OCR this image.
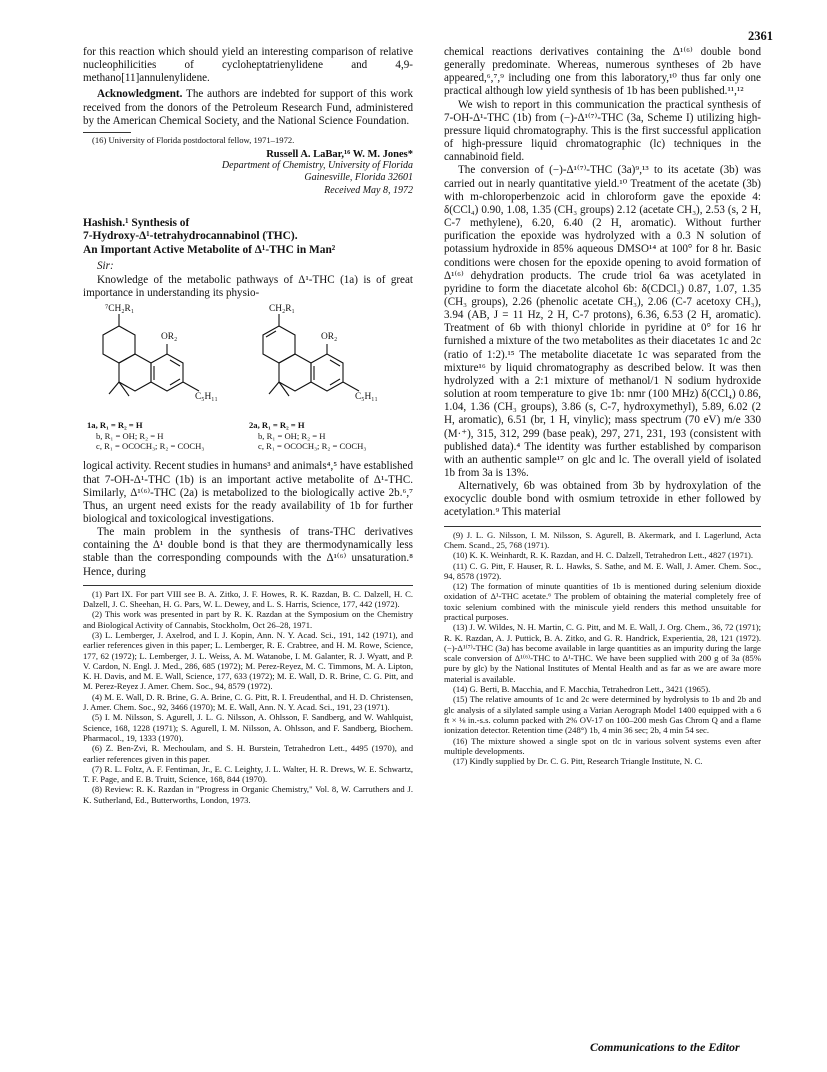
2361

for this reaction which should yield an interesting comparison of relative nucleophilicities of cycloheptatrienylidene and 4,9-methano[11]annulenylidene.

Acknowledgment. The authors are indebted for support of this work received from the donors of the Petroleum Research Fund, administered by the American Chemical Society, and the National Science Foundation.

(16) University of Florida postdoctoral fellow, 1971–1972.

Russell A. LaBar,¹⁶ W. M. Jones*

Department of Chemistry, University of Florida

Gainesville, Florida 32601

Received May 8, 1972

Hashish.¹ Synthesis of

7-Hydroxy-Δ¹-tetrahydrocannabinol (THC).

An Important Active Metabolite of Δ¹-THC in Man²

Sir:

Knowledge of the metabolic pathways of Δ¹-THC (1a) is of great importance in understanding its physio-

⁷CH₂R₁	CH₂R₁
OR₂	OR₂
C₅H₁₁	C₅H₁₁
1a, R₁ = R₂ = H
b, R₁ = OH; R₂ = H
c, R₁ = OCOCH₃; R₂ = COCH₃
2a, R₁ = R₂ = H
b, R₁ = OH; R₂ = H
c, R₁ = OCOCH₃; R₂ = COCH₃

logical activity. Recent studies in humans³ and animals⁴,⁵ have established that 7-OH-Δ¹-THC (1b) is an important active metabolite of Δ¹-THC. Similarly, Δ¹⁽⁶⁾-THC (2a) is metabolized to the biologically active 2b.⁶,⁷ Thus, an urgent need exists for the ready availability of 1b for further biological and toxicological investigations.

The main problem in the synthesis of trans-THC derivatives containing the Δ¹ double bond is that they are thermodynamically less stable than the corresponding compounds with the Δ¹⁽⁶⁾ unsaturation.⁸ Hence, during

(1) Part IX. For part VIII see B. A. Zitko, J. F. Howes, R. K. Razdan, B. C. Dalzell, H. C. Dalzell, J. C. Sheehan, H. G. Pars, W. L. Dewey, and L. S. Harris, Science, 177, 442 (1972).

(2) This work was presented in part by R. K. Razdan at the Symposium on the Chemistry and Biological Activity of Cannabis, Stockholm, Oct 26–28, 1971.

(3) L. Lemberger, J. Axelrod, and I. J. Kopin, Ann. N. Y. Acad. Sci., 191, 142 (1971), and earlier references given in this paper; L. Lemberger, R. E. Crabtree, and H. M. Rowe, Science, 177, 62 (1972); L. Lemberger, J. L. Weiss, A. M. Watanobe, I. M. Galanter, R. J. Wyatt, and P. V. Cardon, N. Engl. J. Med., 286, 685 (1972); M. Perez-Reyez, M. C. Timmons, M. A. Lipton, K. H. Davis, and M. E. Wall, Science, 177, 633 (1972); M. E. Wall, D. R. Brine, C. G. Pitt, and M. Perez-Reyez J. Amer. Chem. Soc., 94, 8579 (1972).

(4) M. E. Wall, D. R. Brine, G. A. Brine, C. G. Pitt, R. I. Freudenthal, and H. D. Christensen, J. Amer. Chem. Soc., 92, 3466 (1970); M. E. Wall, Ann. N. Y. Acad. Sci., 191, 23 (1971).

(5) I. M. Nilsson, S. Agurell, J. L. G. Nilsson, A. Ohlsson, F. Sandberg, and W. Wahlquist, Science, 168, 1228 (1971); S. Agurell, I. M. Nilsson, A. Ohlsson, and F. Sandberg, Biochem. Pharmacol., 19, 1333 (1970).

(6) Z. Ben-Zvi, R. Mechoulam, and S. H. Burstein, Tetrahedron Lett., 4495 (1970), and earlier references given in this paper.

(7) R. L. Foltz, A. F. Fentiman, Jr., E. C. Leighty, J. L. Walter, H. R. Drews, W. E. Schwartz, T. F. Page, and E. B. Truitt, Science, 168, 844 (1970).

(8) Review: R. K. Razdan in "Progress in Organic Chemistry," Vol. 8, W. Carruthers and J. K. Sutherland, Ed., Butterworths, London, 1973.

chemical reactions derivatives containing the Δ¹⁽⁶⁾ double bond generally predominate. Whereas, numerous syntheses of 2b have appeared,⁶,⁷,⁹ including one from this laboratory,¹⁰ thus far only one practical although low yield synthesis of 1b has been published.¹¹,¹²

We wish to report in this communication the practical synthesis of 7-OH-Δ¹-THC (1b) from (−)-Δ¹⁽⁷⁾-THC (3a, Scheme I) utilizing high-pressure liquid chromatography. This is the first successful application of high-pressure liquid chromatographic (lc) techniques in the cannabinoid field.

The conversion of (−)-Δ¹⁽⁷⁾-THC (3a)⁹,¹³ to its acetate (3b) was carried out in nearly quantitative yield.¹⁰ Treatment of the acetate (3b) with m-chloroperbenzoic acid in chloroform gave the epoxide 4: δ(CCl₄) 0.90, 1.08, 1.35 (CH₃ groups) 2.12 (acetate CH₃), 2.53 (s, 2 H, C-7 methylene), 6.20, 6.40 (2 H, aromatic). Without further purification the epoxide was hydrolyzed with a 0.3 N solution of potassium hydroxide in 85% aqueous DMSO¹⁴ at 100° for 8 hr. Basic conditions were chosen for the epoxide opening to avoid formation of Δ¹⁽⁶⁾ dehydration products. The crude triol 6a was acetylated in pyridine to form the diacetate alcohol 6b: δ(CDCl₃) 0.87, 1.07, 1.35 (CH₃ groups), 2.26 (phenolic acetate CH₃), 2.06 (C-7 acetoxy CH₃), 3.94 (AB, J = 11 Hz, 2 H, C-7 protons), 6.36, 6.53 (2 H, aromatic). Treatment of 6b with thionyl chloride in pyridine at 0° for 16 hr furnished a mixture of the two metabolites as their diacetates 1c and 2c (ratio of 1:2).¹⁵ The metabolite diacetate 1c was separated from the mixture¹⁶ by liquid chromatography as described below. It was then hydrolyzed with a 2:1 mixture of methanol/1 N sodium hydroxide solution at room temperature to give 1b: nmr (100 MHz) δ(CCl₄) 0.86, 1.04, 1.36 (CH₃ groups), 3.86 (s, C-7, hydroxymethyl), 5.89, 6.02 (2 H, aromatic), 6.51 (br, 1 H, vinylic); mass spectrum (70 eV) m/e 330 (M·⁺), 315, 312, 299 (base peak), 297, 271, 231, 193 (consistent with published data).⁴ The identity was further established by comparison with an authentic sample¹⁷ on glc and lc. The overall yield of isolated 1b from 3a is 13%.

Alternatively, 6b was obtained from 3b by hydroxylation of the exocyclic double bond with osmium tetroxide in ether followed by acetylation.⁹ This material

(9) J. L. G. Nilsson, I. M. Nilsson, S. Agurell, B. Akermark, and I. Lagerlund, Acta Chem. Scand., 25, 768 (1971).

(10) K. K. Weinhardt, R. K. Razdan, and H. C. Dalzell, Tetrahedron Lett., 4827 (1971).

(11) C. G. Pitt, F. Hauser, R. L. Hawks, S. Sathe, and M. E. Wall, J. Amer. Chem. Soc., 94, 8578 (1972).

(12) The formation of minute quantities of 1b is mentioned during selenium dioxide oxidation of Δ¹-THC acetate.⁶ The problem of obtaining the material completely free of toxic selenium combined with the miniscule yield renders this method unsuitable for practical purposes.

(13) J. W. Wildes, N. H. Martin, C. G. Pitt, and M. E. Wall, J. Org. Chem., 36, 72 (1971); R. K. Razdan, A. J. Puttick, B. A. Zitko, and G. R. Handrick, Experientia, 28, 121 (1972). (−)-Δ¹⁽⁷⁾-THC (3a) has become available in large quantities as an impurity during the large scale conversion of Δ¹⁽⁶⁾-THC to Δ¹-THC. We have been supplied with 200 g of 3a (85% pure by glc) by the National Institutes of Mental Health and as far as we are aware more material is available.

(14) G. Berti, B. Macchia, and F. Macchia, Tetrahedron Lett., 3421 (1965).

(15) The relative amounts of 1c and 2c were determined by hydrolysis to 1b and 2b and glc analysis of a silylated sample using a Varian Aerograph Model 1400 equipped with a 6 ft × ⅛ in.-s.s. column packed with 2% OV-17 on 100–200 mesh Gas Chrom Q and a flame ionization detector. Retention time (248°) 1b, 4 min 36 sec; 2b, 4 min 54 sec.

(16) The mixture showed a single spot on tlc in various solvent systems even after multiple developments.

(17) Kindly supplied by Dr. C. G. Pitt, Research Triangle Institute, N. C.

Communications to the Editor
